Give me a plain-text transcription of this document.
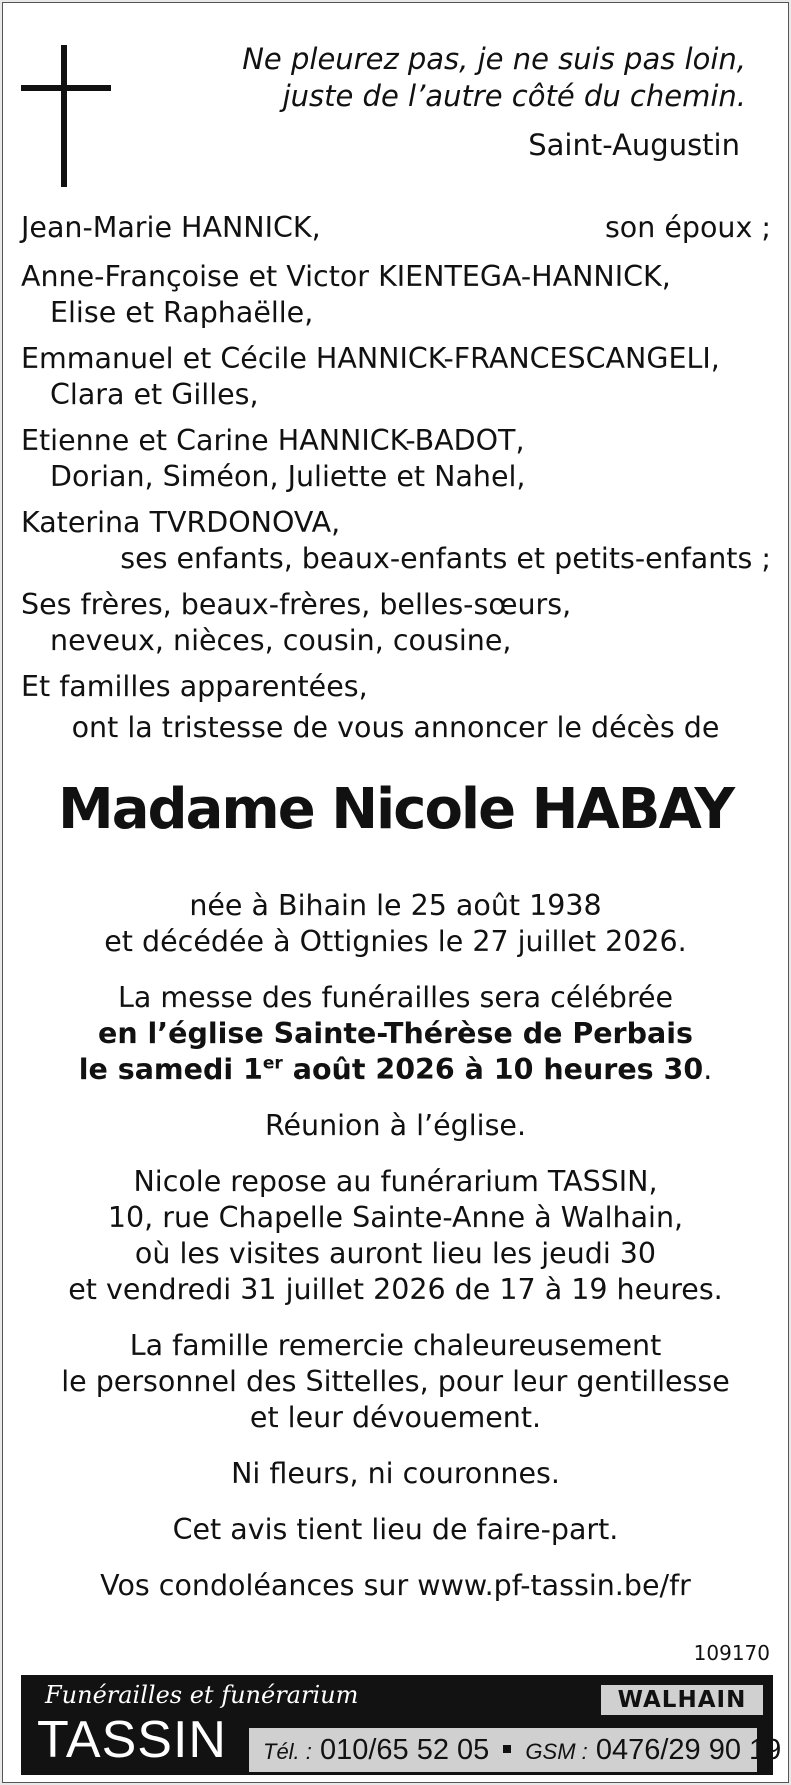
Ne pleurez pas, je ne suis pas loin,
juste de l’autre côté du chemin.
Saint-Augustin
Jean-Marie HANNICK,	son époux ;
Anne-Françoise et Victor KIENTEGA-HANNICK,
Elise et Raphaëlle,
Emmanuel et Cécile HANNICK-FRANCESCANGELI,
Clara et Gilles,
Etienne et Carine HANNICK-BADOT,
Dorian, Siméon, Juliette et Nahel,
Katerina TVRDONOVA,
ses enfants, beaux-enfants et petits-enfants ;
Ses frères, beaux-frères, belles-sœurs,
neveux, nièces, cousin, cousine,
Et familles apparentées,
ont la tristesse de vous annoncer le décès de
Madame Nicole HABAY

née à Bihain le 25 août 1938
et décédée à Ottignies le 27 juillet 2026.

La messe des funérailles sera célébrée
en l’église Sainte-Thérèse de Perbais
le samedi 1er août 2026 à 10 heures 30.

Réunion à l’église.

Nicole repose au funérarium TASSIN,
10, rue Chapelle Sainte-Anne à Walhain,
où les visites auront lieu les jeudi 30
et vendredi 31 juillet 2026 de 17 à 19 heures.

La famille remercie chaleureusement
le personnel des Sittelles, pour leur gentillesse
et leur dévouement.

Ni fleurs, ni couronnes.

Cet avis tient lieu de faire-part.

Vos condoléances sur www.pf-tassin.be/fr

109170
Funérailles et funérarium
TASSIN
WALHAIN
Tél. : 010/65 52 05 GSM : 0476/29 90 19
